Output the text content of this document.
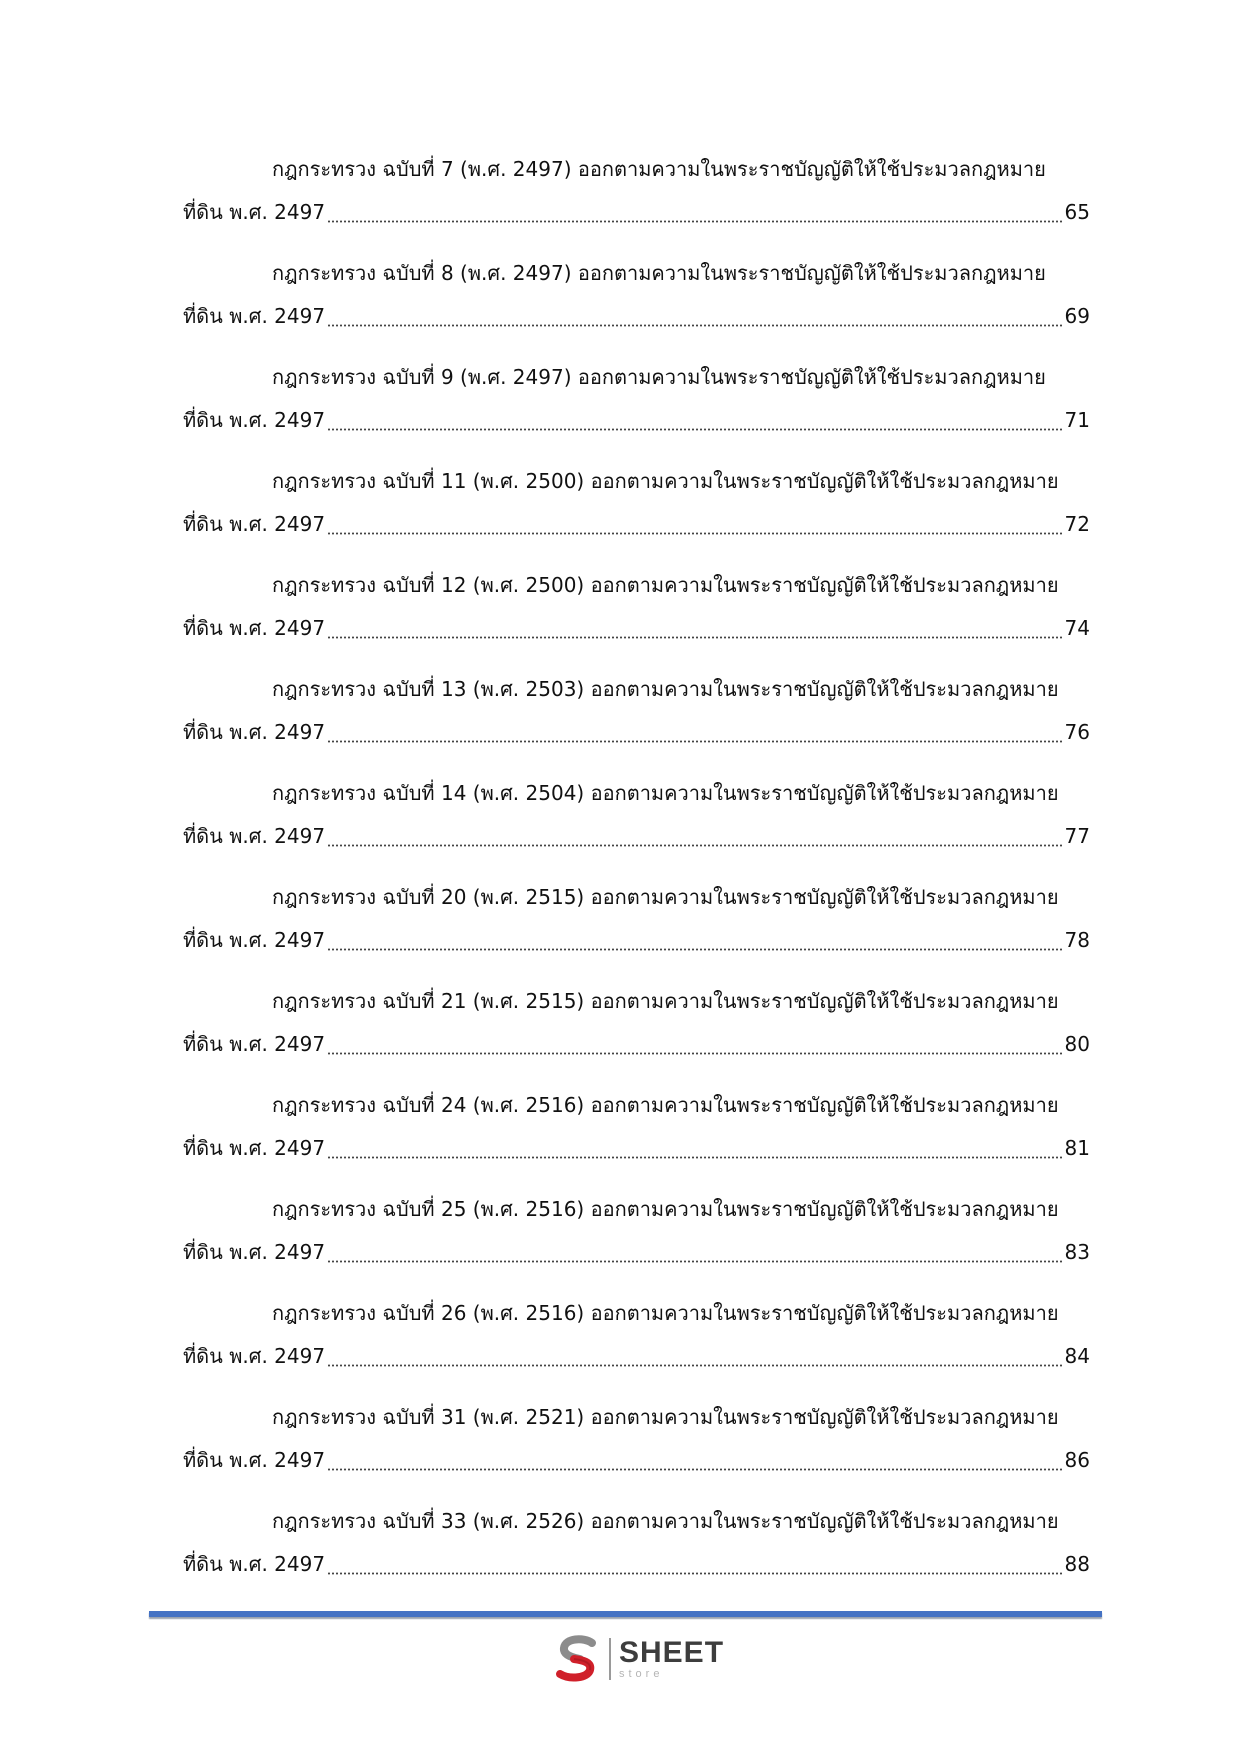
กฎกระทรวง ฉบับที่ 7 (พ.ศ. 2497) ออกตามความในพระราชบัญญัติให้ใช้ประมวลกฎหมาย
ที่ดิน พ.ศ. 2497	65
กฎกระทรวง ฉบับที่ 8 (พ.ศ. 2497) ออกตามความในพระราชบัญญัติให้ใช้ประมวลกฎหมาย
ที่ดิน พ.ศ. 2497	69
กฎกระทรวง ฉบับที่ 9 (พ.ศ. 2497) ออกตามความในพระราชบัญญัติให้ใช้ประมวลกฎหมาย
ที่ดิน พ.ศ. 2497	71
กฎกระทรวง ฉบับที่ 11 (พ.ศ. 2500) ออกตามความในพระราชบัญญัติให้ใช้ประมวลกฎหมาย
ที่ดิน พ.ศ. 2497	72
กฎกระทรวง ฉบับที่ 12 (พ.ศ. 2500) ออกตามความในพระราชบัญญัติให้ใช้ประมวลกฎหมาย
ที่ดิน พ.ศ. 2497	74
กฎกระทรวง ฉบับที่ 13 (พ.ศ. 2503) ออกตามความในพระราชบัญญัติให้ใช้ประมวลกฎหมาย
ที่ดิน พ.ศ. 2497	76
กฎกระทรวง ฉบับที่ 14 (พ.ศ. 2504) ออกตามความในพระราชบัญญัติให้ใช้ประมวลกฎหมาย
ที่ดิน พ.ศ. 2497	77
กฎกระทรวง ฉบับที่ 20 (พ.ศ. 2515) ออกตามความในพระราชบัญญัติให้ใช้ประมวลกฎหมาย
ที่ดิน พ.ศ. 2497	78
กฎกระทรวง ฉบับที่ 21 (พ.ศ. 2515) ออกตามความในพระราชบัญญัติให้ใช้ประมวลกฎหมาย
ที่ดิน พ.ศ. 2497	80
กฎกระทรวง ฉบับที่ 24 (พ.ศ. 2516) ออกตามความในพระราชบัญญัติให้ใช้ประมวลกฎหมาย
ที่ดิน พ.ศ. 2497	81
กฎกระทรวง ฉบับที่ 25 (พ.ศ. 2516) ออกตามความในพระราชบัญญัติให้ใช้ประมวลกฎหมาย
ที่ดิน พ.ศ. 2497	83
กฎกระทรวง ฉบับที่ 26 (พ.ศ. 2516) ออกตามความในพระราชบัญญัติให้ใช้ประมวลกฎหมาย
ที่ดิน พ.ศ. 2497	84
กฎกระทรวง ฉบับที่ 31 (พ.ศ. 2521) ออกตามความในพระราชบัญญัติให้ใช้ประมวลกฎหมาย
ที่ดิน พ.ศ. 2497	86
กฎกระทรวง ฉบับที่ 33 (พ.ศ. 2526) ออกตามความในพระราชบัญญัติให้ใช้ประมวลกฎหมาย
ที่ดิน พ.ศ. 2497	88
SHEET
store
